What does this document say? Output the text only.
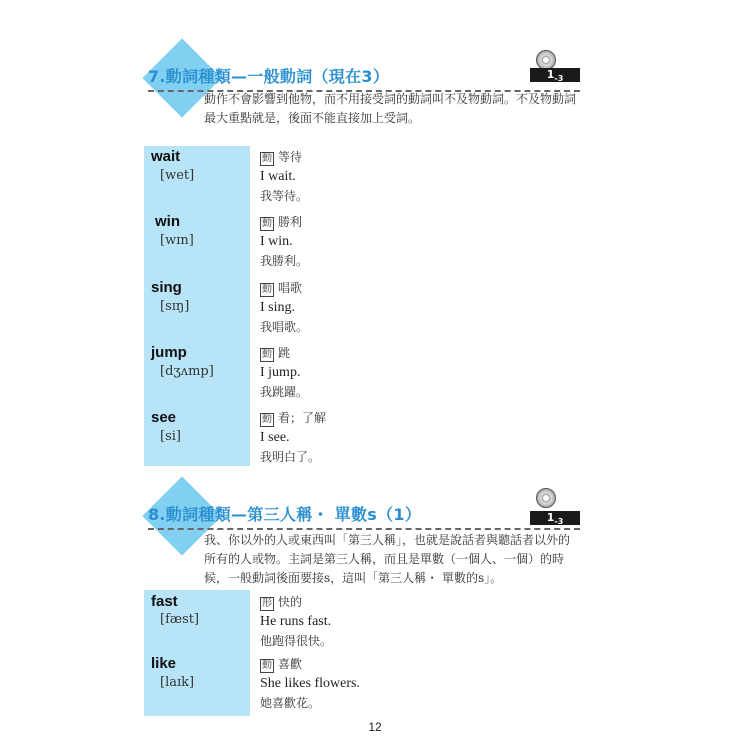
7.動詞種類—一般動詞（現在3）	$1_{-3}$
動作不會影響到他物，而不用接受詞的動詞叫不及物動詞。不及物動詞最大重點就是，後面不能直接加上受詞。
wait
[wet]
動 等待
I wait.
我等待。
win
[wɪn]
動 勝利
I win.
我勝利。
sing
[sɪŋ]
動 唱歌
I sing.
我唱歌。
jump
[dʒʌmp]
動 跳
I jump.
我跳躍。
see
[si]
動 看；了解
I see.
我明白了。
8.動詞種類—第三人稱・ 單數s（1）	$1_{-3}$
我、你以外的人或東西叫「第三人稱」，也就是說話者與聽話者以外的所有的人或物。主詞是第三人稱，而且是單數（一個人、一個）的時候，一般動詞後面要接s，這叫「第三人稱・ 單數的s」。
fast
[fæst]
形 快的
He runs fast.
他跑得很快。
like
[laɪk]
動 喜歡
She likes flowers.
她喜歡花。
12
